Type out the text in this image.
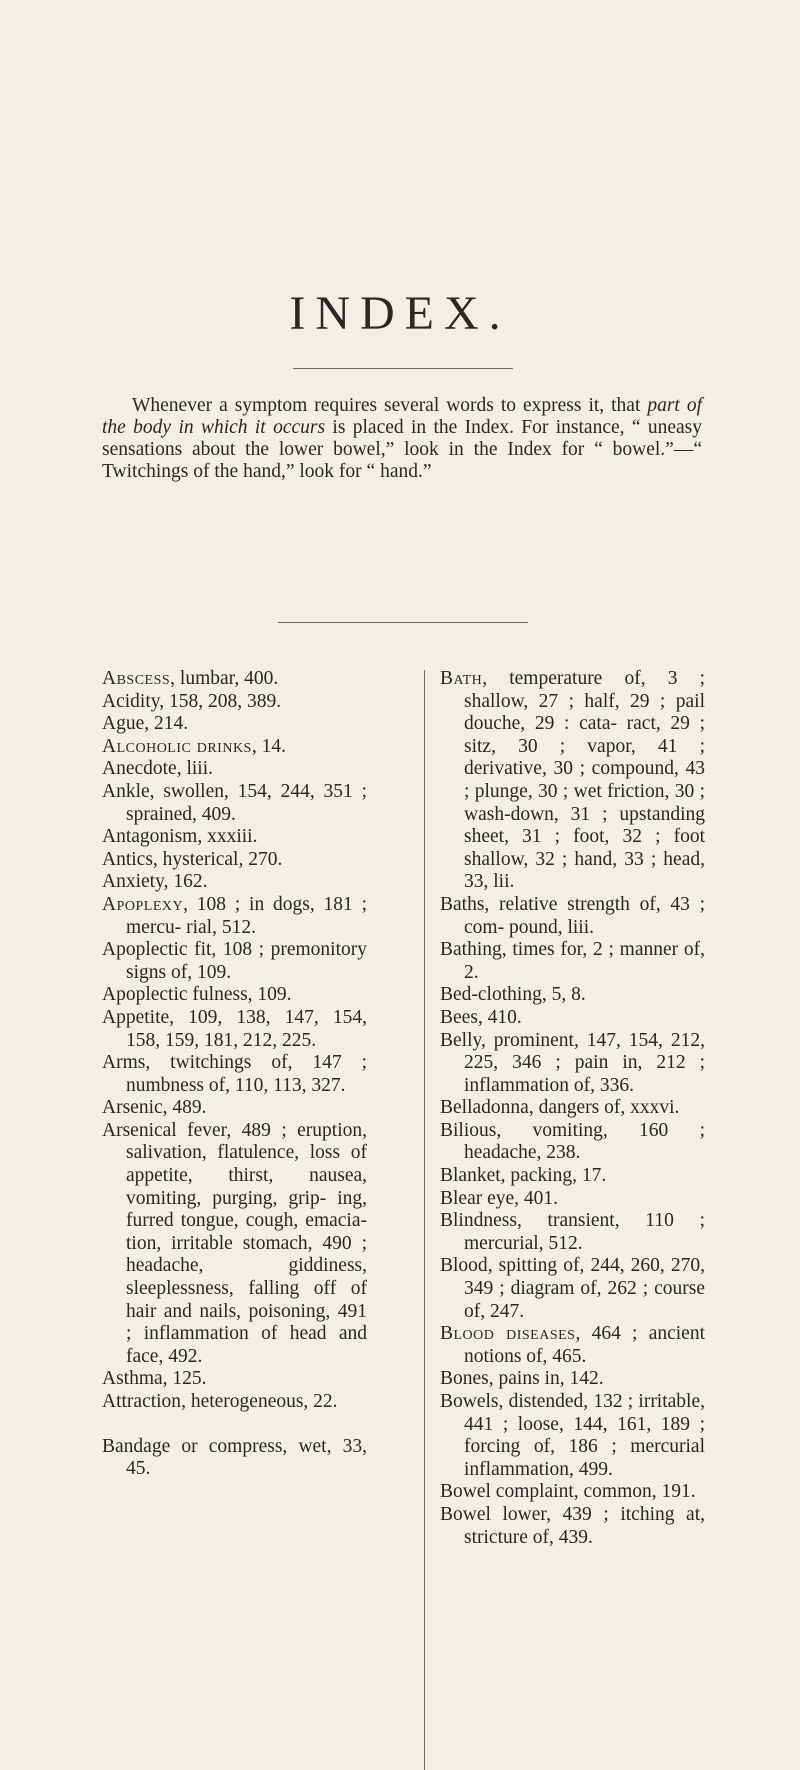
INDEX.

Whenever a symptom requires several words to express it, that part of the body in which it occurs is placed in the Index. For instance, “ uneasy sensations about the lower bowel,” look in the Index for “ bowel.”—“ Twitchings of the hand,” look for “ hand.”

Abscess, lumbar, 400.

Acidity, 158, 208, 389.

Ague, 214.

Alcoholic drinks, 14.

Anecdote, liii.

Ankle, swollen, 154, 244, 351 ; sprained, 409.

Antagonism, xxxiii.

Antics, hysterical, 270.

Anxiety, 162.

Apoplexy, 108 ; in dogs, 181 ; mercu- rial, 512.

Apoplectic fit, 108 ; premonitory signs of, 109.

Apoplectic fulness, 109.

Appetite, 109, 138, 147, 154, 158, 159, 181, 212, 225.

Arms, twitchings of, 147 ; numbness of, 110, 113, 327.

Arsenic, 489.

Arsenical fever, 489 ; eruption, salivation, flatulence, loss of appetite, thirst, nausea, vomiting, purging, grip- ing, furred tongue, cough, emacia- tion, irritable stomach, 490 ; headache, giddiness, sleeplessness, falling off of hair and nails, poisoning, 491 ; inflammation of head and face, 492.

Asthma, 125.

Attraction, heterogeneous, 22.

Bandage or compress, wet, 33, 45.

Bath, temperature of, 3 ; shallow, 27 ; half, 29 ; pail douche, 29 : cata- ract, 29 ; sitz, 30 ; vapor, 41 ; derivative, 30 ; compound, 43 ; plunge, 30 ; wet friction, 30 ; wash-down, 31 ; upstanding sheet, 31 ; foot, 32 ; foot shallow, 32 ; hand, 33 ; head, 33, lii.

Baths, relative strength of, 43 ; com- pound, liii.

Bathing, times for, 2 ; manner of, 2.

Bed-clothing, 5, 8.

Bees, 410.

Belly, prominent, 147, 154, 212, 225, 346 ; pain in, 212 ; inflammation of, 336.

Belladonna, dangers of, xxxvi.

Bilious, vomiting, 160 ; headache, 238.

Blanket, packing, 17.

Blear eye, 401.

Blindness, transient, 110 ; mercurial, 512.

Blood, spitting of, 244, 260, 270, 349 ; diagram of, 262 ; course of, 247.

Blood diseases, 464 ; ancient notions of, 465.

Bones, pains in, 142.

Bowels, distended, 132 ; irritable, 441 ; loose, 144, 161, 189 ; forcing of, 186 ; mercurial inflammation, 499.

Bowel complaint, common, 191.

Bowel lower, 439 ; itching at, stricture of, 439.
